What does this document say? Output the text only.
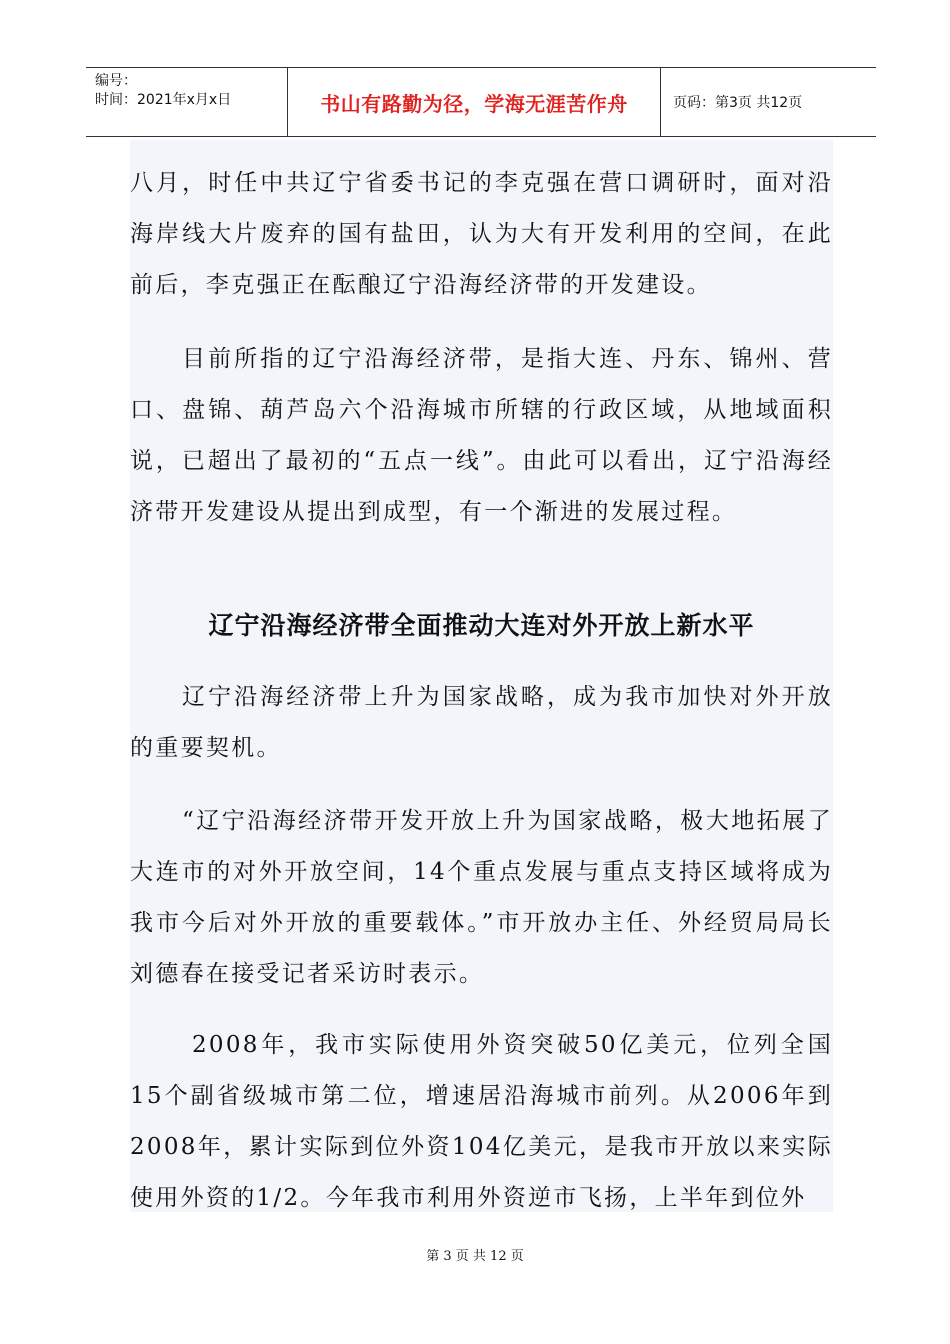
编号：
时间：2021年x月x日	书山有路勤为径，学海无涯苦作舟	页码：第3页 共12页

八月，时任中共辽宁省委书记的李克强在营口调研时，面对沿海岸线大片废弃的国有盐田，认为大有开发利用的空间，在此前后，李克强正在酝酿辽宁沿海经济带的开发建设。

目前所指的辽宁沿海经济带，是指大连、丹东、锦州、营口、盘锦、葫芦岛六个沿海城市所辖的行政区域，从地域面积说，已超出了最初的“五点一线”。由此可以看出，辽宁沿海经济带开发建设从提出到成型，有一个渐进的发展过程。

辽宁沿海经济带全面推动大连对外开放上新水平

辽宁沿海经济带上升为国家战略，成为我市加快对外开放的重要契机。

“辽宁沿海经济带开发开放上升为国家战略，极大地拓展了大连市的对外开放空间，14个重点发展与重点支持区域将成为我市今后对外开放的重要载体。”市开放办主任、外经贸局局长刘德春在接受记者采访时表示。

2008年，我市实际使用外资突破50亿美元，位列全国15个副省级城市第二位，增速居沿海城市前列。从2006年到2008年，累计实际到位外资104亿美元，是我市开放以来实际使用外资的1/2。今年我市利用外资逆市飞扬，上半年到位外

第 3 页 共 12 页
